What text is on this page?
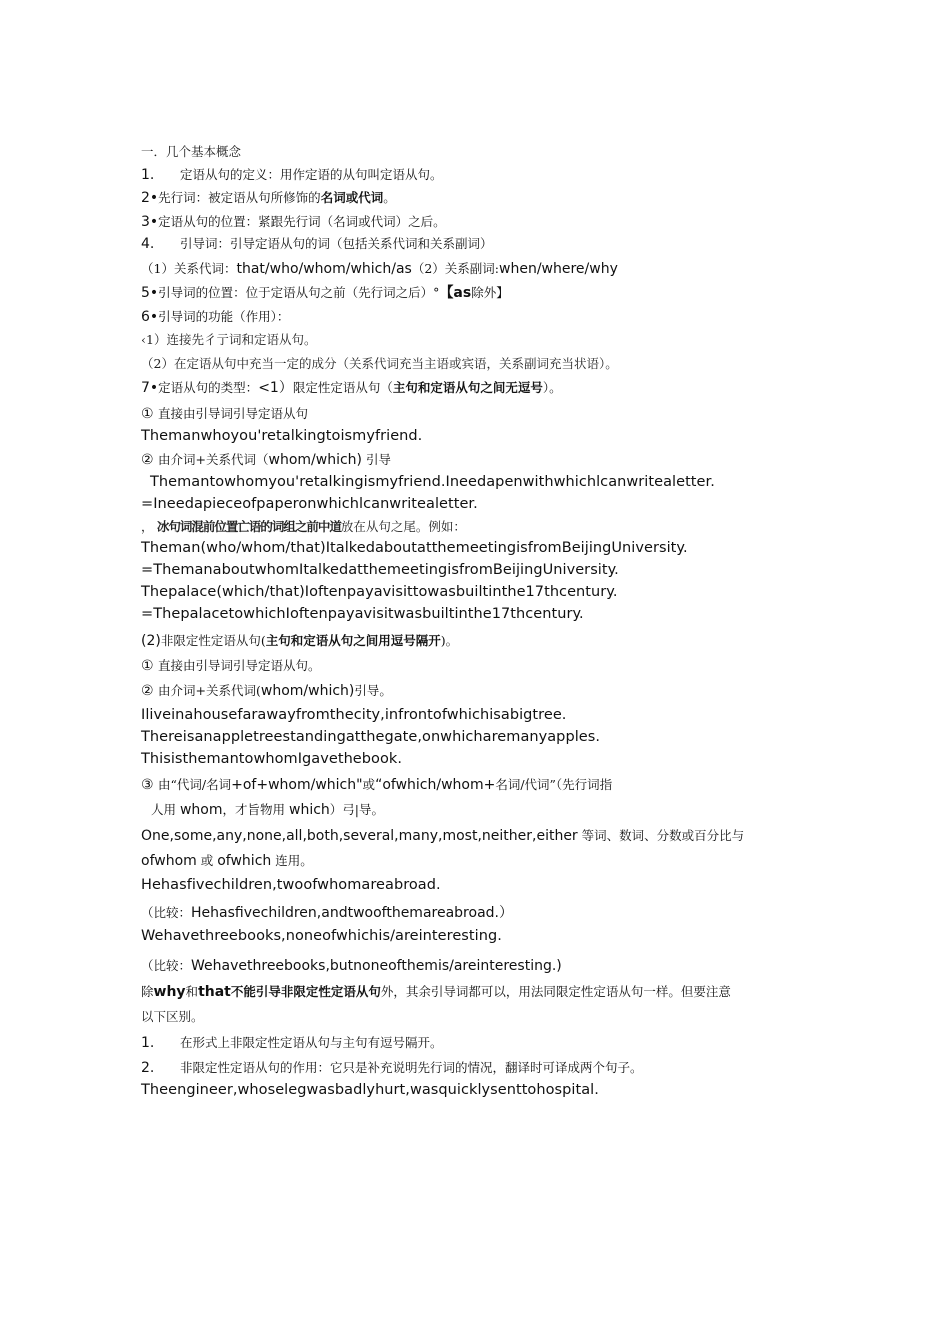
一．几个基本概念
1. 定语从句的定义：用作定语的从句叫定语从句。
2•先行词：被定语从句所修饰的名词或代词。
3•定语从句的位置：紧跟先行词（名词或代词）之后。
4. 引导词：引导定语从句的词（包括关系代词和关系副词）
（1）关系代词：that/who/whom/which/as（2）关系副词:when/where/why
5•引导词的位置：位于定语从句之前（先行词之后）°【as除外】
6•引导词的功能（作用）：
‹1）连接先彳亍词和定语从句。
（2）在定语从句中充当一定的成分（关系代词充当主语或宾语，关系副词充当状语）。
7•定语从句的类型：<1）限定性定语从句（主句和定语从句之间无逗号）。
① 直接由引导词引导定语从句
Themanwhoyou'retalkingtoismyfriend.
② 由介词+关系代词（whom/which) 引导
Themantowhomyou'retalkingismyfriend.Ineedapenwithwhichlcanwritealetter.
=Ineedapieceofpaperonwhichlcanwritealetter.
， 冰句词混前位置亡语的词组之前中道放在从句之尾。例如：
Theman(who/whom/that)ItalkedaboutatthemeetingisfromBeijingUniversity.
=ThemanaboutwhomItalkedatthemeetingisfromBeijingUniversity.
Thepalace(which/that)Ioftenpayavisittowasbuiltinthe17thcentury.
=ThepalacetowhichIoftenpayavisitwasbuiltinthe17thcentury.
(2)非限定性定语从句(主句和定语从句之间用逗号隔开)。
① 直接由引导词引导定语从句。
② 由介词+关系代词(whom/which)引导。
Iliveinahousefarawayfromthecity,infrontofwhichisabigtree.
Thereisanappletreestandingatthegate,onwhicharemanyapples.
ThisisthemantowhomIgavethebook.
③ 由“代词/名词+of+whom/which"或“ofwhich/whom+名词/代词”（先行词指
人用 whom，才旨物用 which）弓|导。
One,some,any,none,all,both,several,many,most,neither,either 等词、数词、分数或百分比与
ofwhom 或 ofwhich 连用。
Hehasfivechildren,twoofwhomareabroad.
（比较：Hehasfivechildren,andtwoofthemareabroad.）
Wehavethreebooks,noneofwhichis/areinteresting.
（比较：Wehavethreebooks,butnoneofthemis/areinteresting.)
除why和that不能引导非限定性定语从句外，其余引导词都可以，用法同限定性定语从句一样。但要注意
以下区别。
1. 在形式上非限定性定语从句与主句有逗号隔开。
2. 非限定性定语从句的作用：它只是补充说明先行词的情况，翻译时可译成两个句子。
Theengineer,whoselegwasbadlyhurt,wasquicklysenttohospital.
